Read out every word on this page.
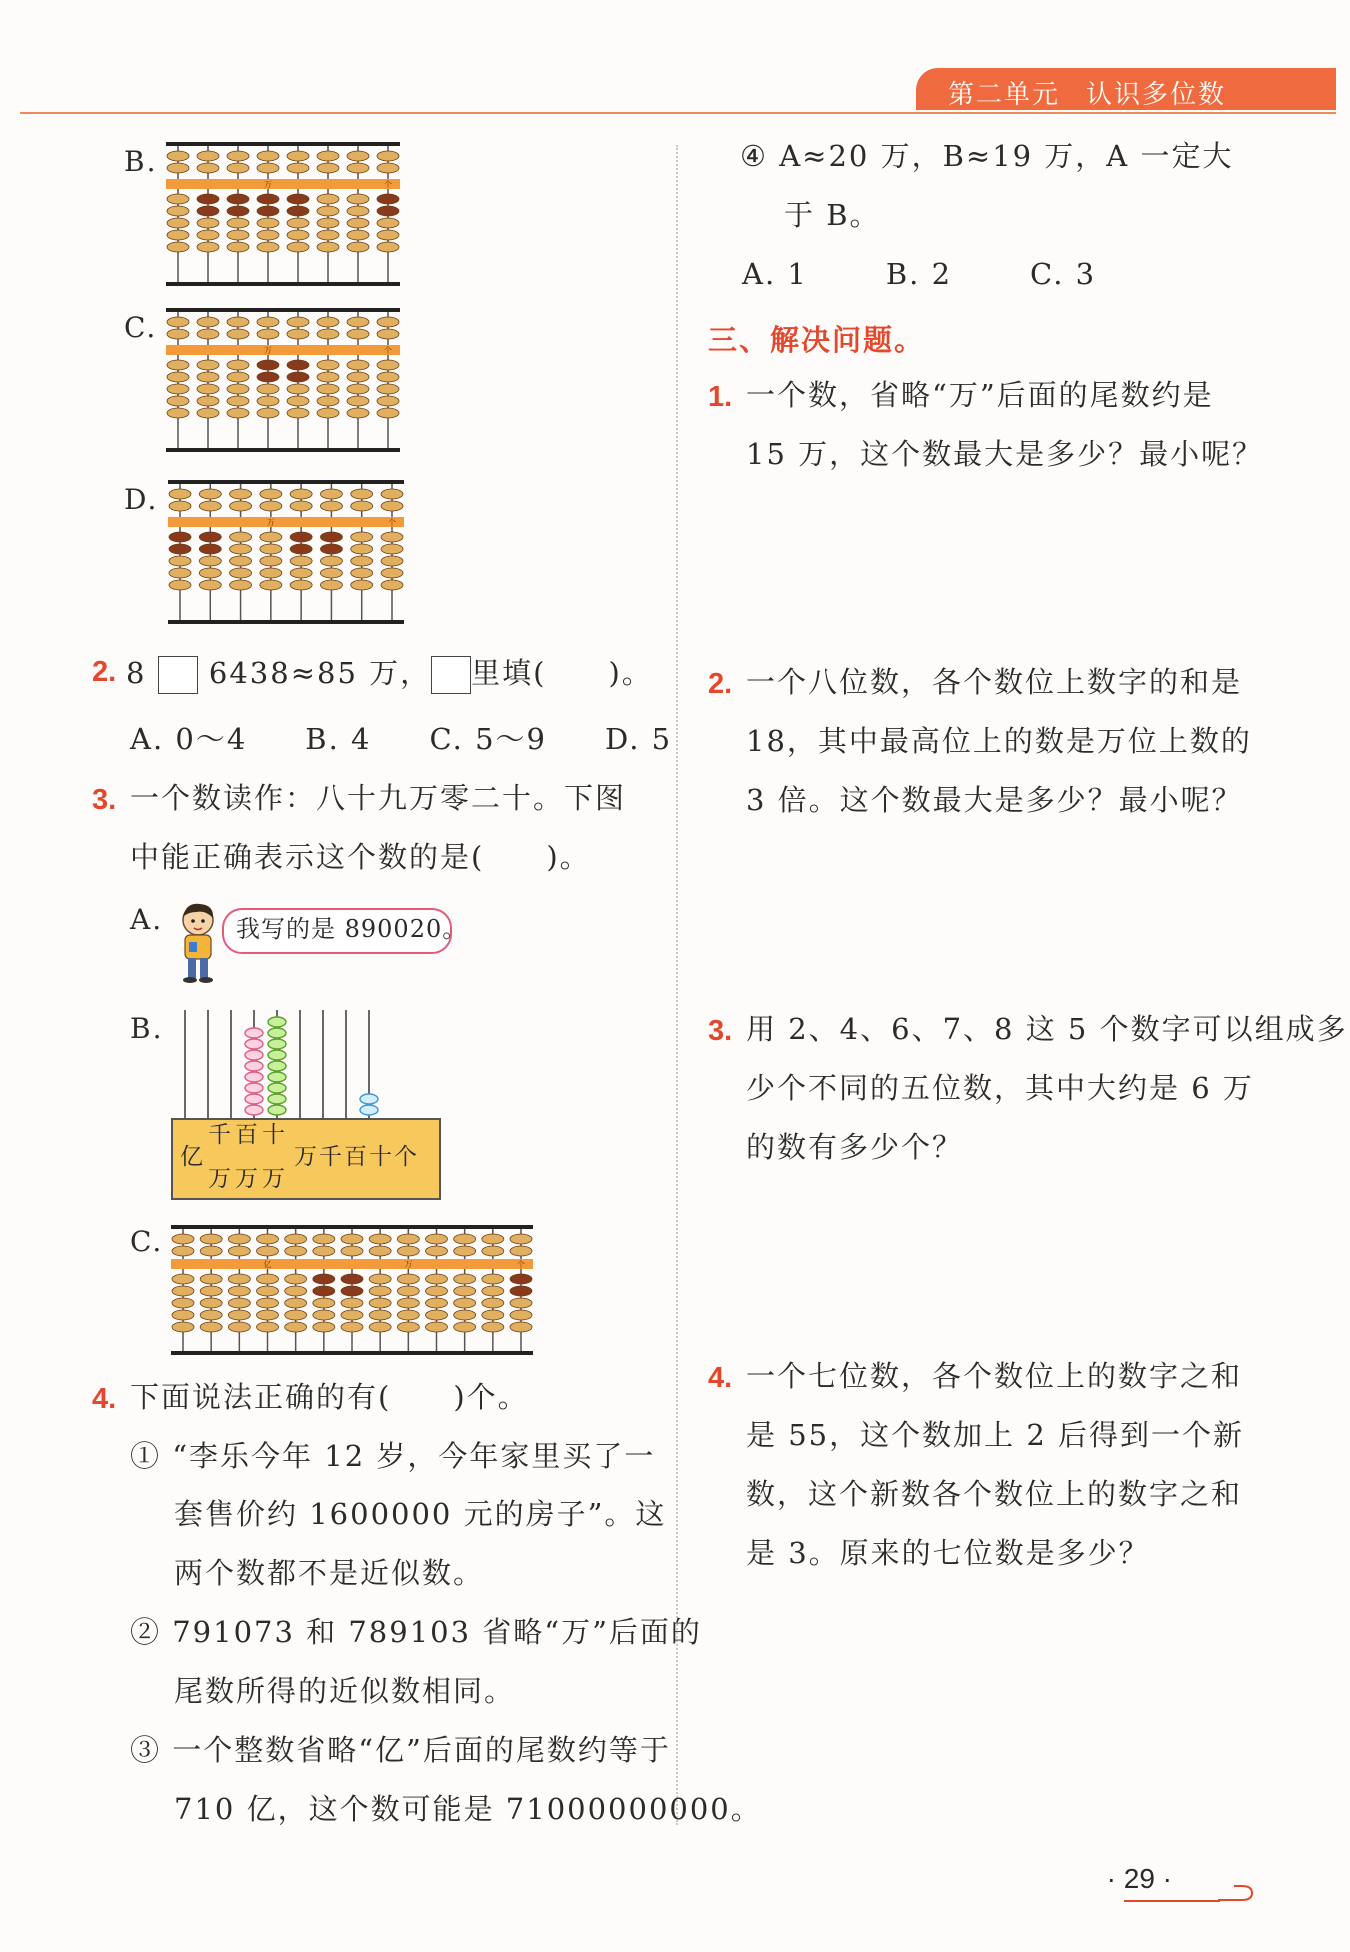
第二单元 认识多位数
B.
万	个
C.
万	个
D.
万	个
2. 8 6438≈85 万， 里填(　　)。
A. 0～4 B. 4 C. 5～9 D. 5
3. 一个数读作：八十九万零二十。下图
中能正确表示这个数的是(　　)。
A.	我写的是 890020。
B.
千百十
亿	万千百十个
万万万
C.
亿	万	个
4. 下面说法正确的有(　　)个。
① “李乐今年 12 岁，今年家里买了一
套售价约 1600000 元的房子”。这
两个数都不是近似数。
② 791073 和 789103 省略“万”后面的
尾数所得的近似数相同。
③ 一个整数省略“亿”后面的尾数约等于
710 亿，这个数可能是 71000000000。
④ A≈20 万，B≈19 万，A 一定大
于 B。
A. 1	B. 2	C. 3
三、解决问题。
1. 一个数，省略“万”后面的尾数约是
15 万，这个数最大是多少？最小呢？
2. 一个八位数，各个数位上数字的和是
18，其中最高位上的数是万位上数的
3 倍。这个数最大是多少？最小呢？
3. 用 2、4、6、7、8 这 5 个数字可以组成多
少个不同的五位数，其中大约是 6 万
的数有多少个？
4. 一个七位数，各个数位上的数字之和
是 55，这个数加上 2 后得到一个新
数，这个新数各个数位上的数字之和
是 3。原来的七位数是多少？
· 29 ·
